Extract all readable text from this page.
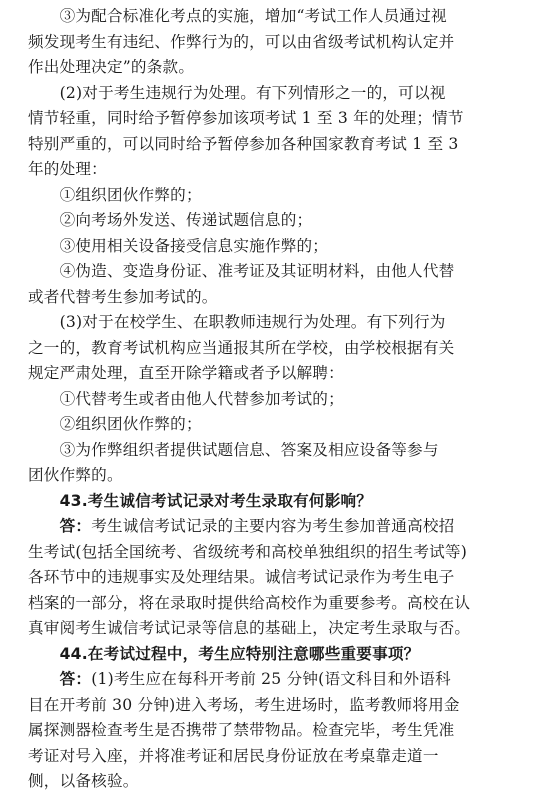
　　③为配合标准化考点的实施，增加“考试工作人员通过视
频发现考生有违纪、作弊行为的，可以由省级考试机构认定并
作出处理决定”的条款。
　　(2)对于考生违规行为处理。有下列情形之一的，可以视
情节轻重，同时给予暂停参加该项考试 1 至 3 年的处理；情节
特别严重的，可以同时给予暂停参加各种国家教育考试 1 至 3
年的处理：
　　①组织团伙作弊的；
　　②向考场外发送、传递试题信息的；
　　③使用相关设备接受信息实施作弊的；
　　④伪造、变造身份证、准考证及其证明材料，由他人代替
或者代替考生参加考试的。
　　(3)对于在校学生、在职教师违规行为处理。有下列行为
之一的，教育考试机构应当通报其所在学校，由学校根据有关
规定严肃处理，直至开除学籍或者予以解聘：
　　①代替考生或者由他人代替参加考试的；
　　②组织团伙作弊的；
　　③为作弊组织者提供试题信息、答案及相应设备等参与
团伙作弊的。
　　43.考生诚信考试记录对考生录取有何影响？
　　答：考生诚信考试记录的主要内容为考生参加普通高校招
生考试(包括全国统考、省级统考和高校单独组织的招生考试等)
各环节中的违规事实及处理结果。诚信考试记录作为考生电子
档案的一部分，将在录取时提供给高校作为重要参考。高校在认
真审阅考生诚信考试记录等信息的基础上，决定考生录取与否。
　　44.在考试过程中，考生应特别注意哪些重要事项？
　　答：(1)考生应在每科开考前 25 分钟(语文科目和外语科
目在开考前 30 分钟)进入考场，考生进场时，监考教师将用金
属探测器检查考生是否携带了禁带物品。检查完毕，考生凭准
考证对号入座，并将准考证和居民身份证放在考桌靠走道一
侧，以备核验。
